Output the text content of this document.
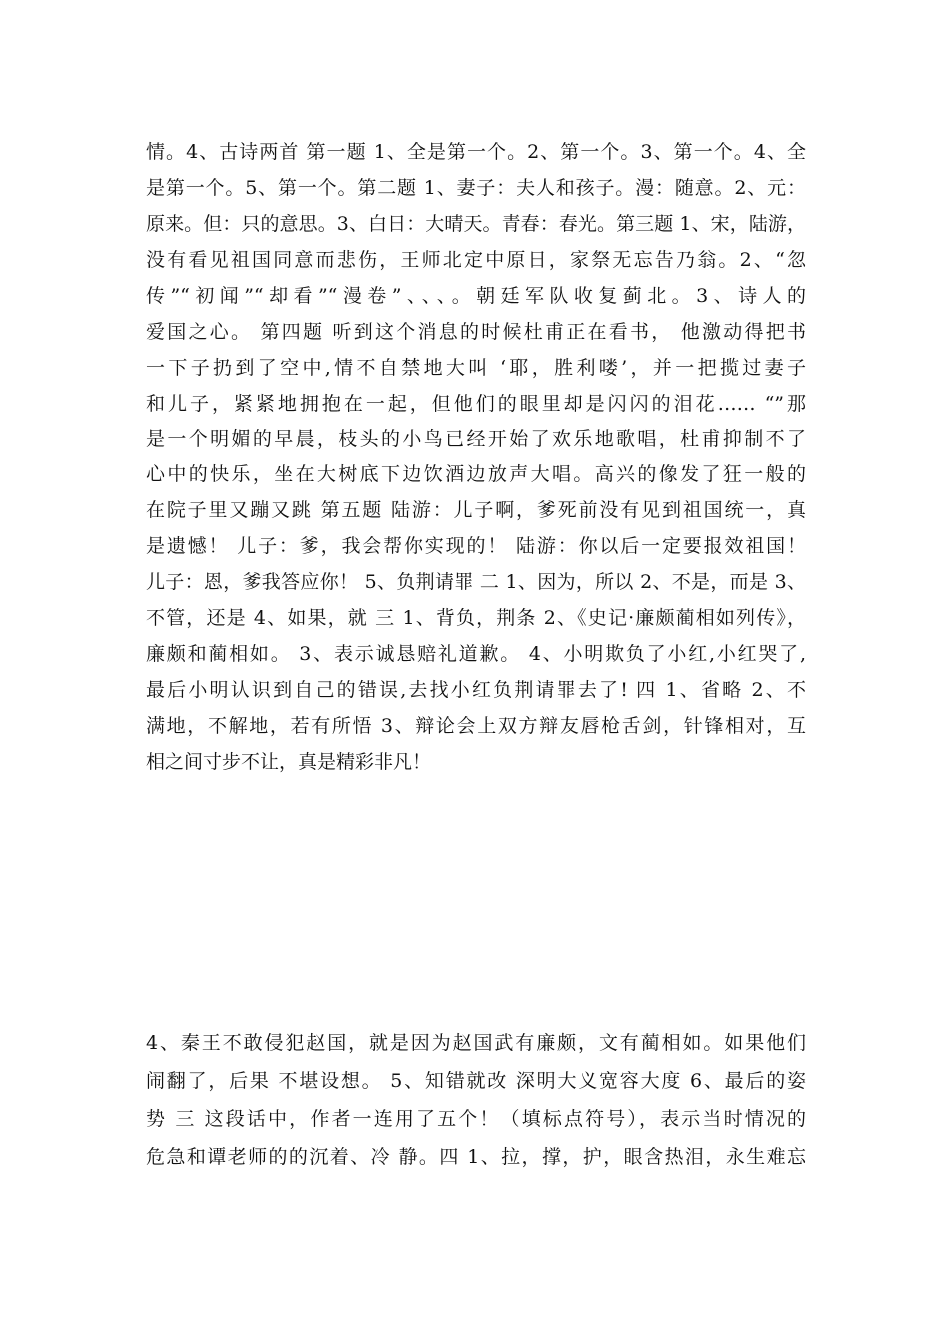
情。4、古诗两首 第一题 1、全是第一个。2、第一个。3、第一个。4、全
是第一个。5、第一个。第二题 1、妻子：夫人和孩子。漫：随意。2、元：
原来。但：只的意思。3、白日：大晴天。青春：春光。第三题 1、宋，陆游，
没有看见祖国同意而悲伤，王师北定中原日，家祭无忘告乃翁。2、“忽
传”“初闻”“却看”“漫卷”、、、。朝廷军队收复蓟北。3、诗人的
爱国之心。 第四题 听到这个消息的时候杜甫正在看书， 他激动得把书
一下子扔到了空中,情不自禁地大叫 ‘耶，胜利喽’，并一把揽过妻子
和儿子，紧紧地拥抱在一起，但他们的眼里却是闪闪的泪花…… “”那
是一个明媚的早晨，枝头的小鸟已经开始了欢乐地歌唱，杜甫抑制不了
心中的快乐，坐在大树底下边饮酒边放声大唱。高兴的像发了狂一般的
在院子里又蹦又跳 第五题 陆游：儿子啊，爹死前没有见到祖国统一，真
是遗憾！ 儿子：爹，我会帮你实现的！ 陆游：你以后一定要报效祖国！
儿子：恩，爹我答应你！ 5、负荆请罪 二 1、因为，所以 2、不是，而是 3、
不管，还是 4、如果，就 三 1、背负，荆条 2、《史记·廉颇蔺相如列传》，
廉颇和蔺相如。 3、表示诚恳赔礼道歉。 4、小明欺负了小红,小红哭了,
最后小明认识到自己的错误,去找小红负荆请罪去了! 四 1、省略 2、不
满地，不解地，若有所悟 3、辩论会上双方辩友唇枪舌剑，针锋相对，互
相之间寸步不让，真是精彩非凡！
4、秦王不敢侵犯赵国，就是因为赵国武有廉颇，文有蔺相如。如果他们
闹翻了，后果 不堪设想。 5、知错就改 深明大义宽容大度 6、最后的姿
势 三 这段话中，作者一连用了五个！（填标点符号），表示当时情况的
危急和谭老师的的沉着、冷 静。四 1、拉，撑，护，眼含热泪，永生难忘
